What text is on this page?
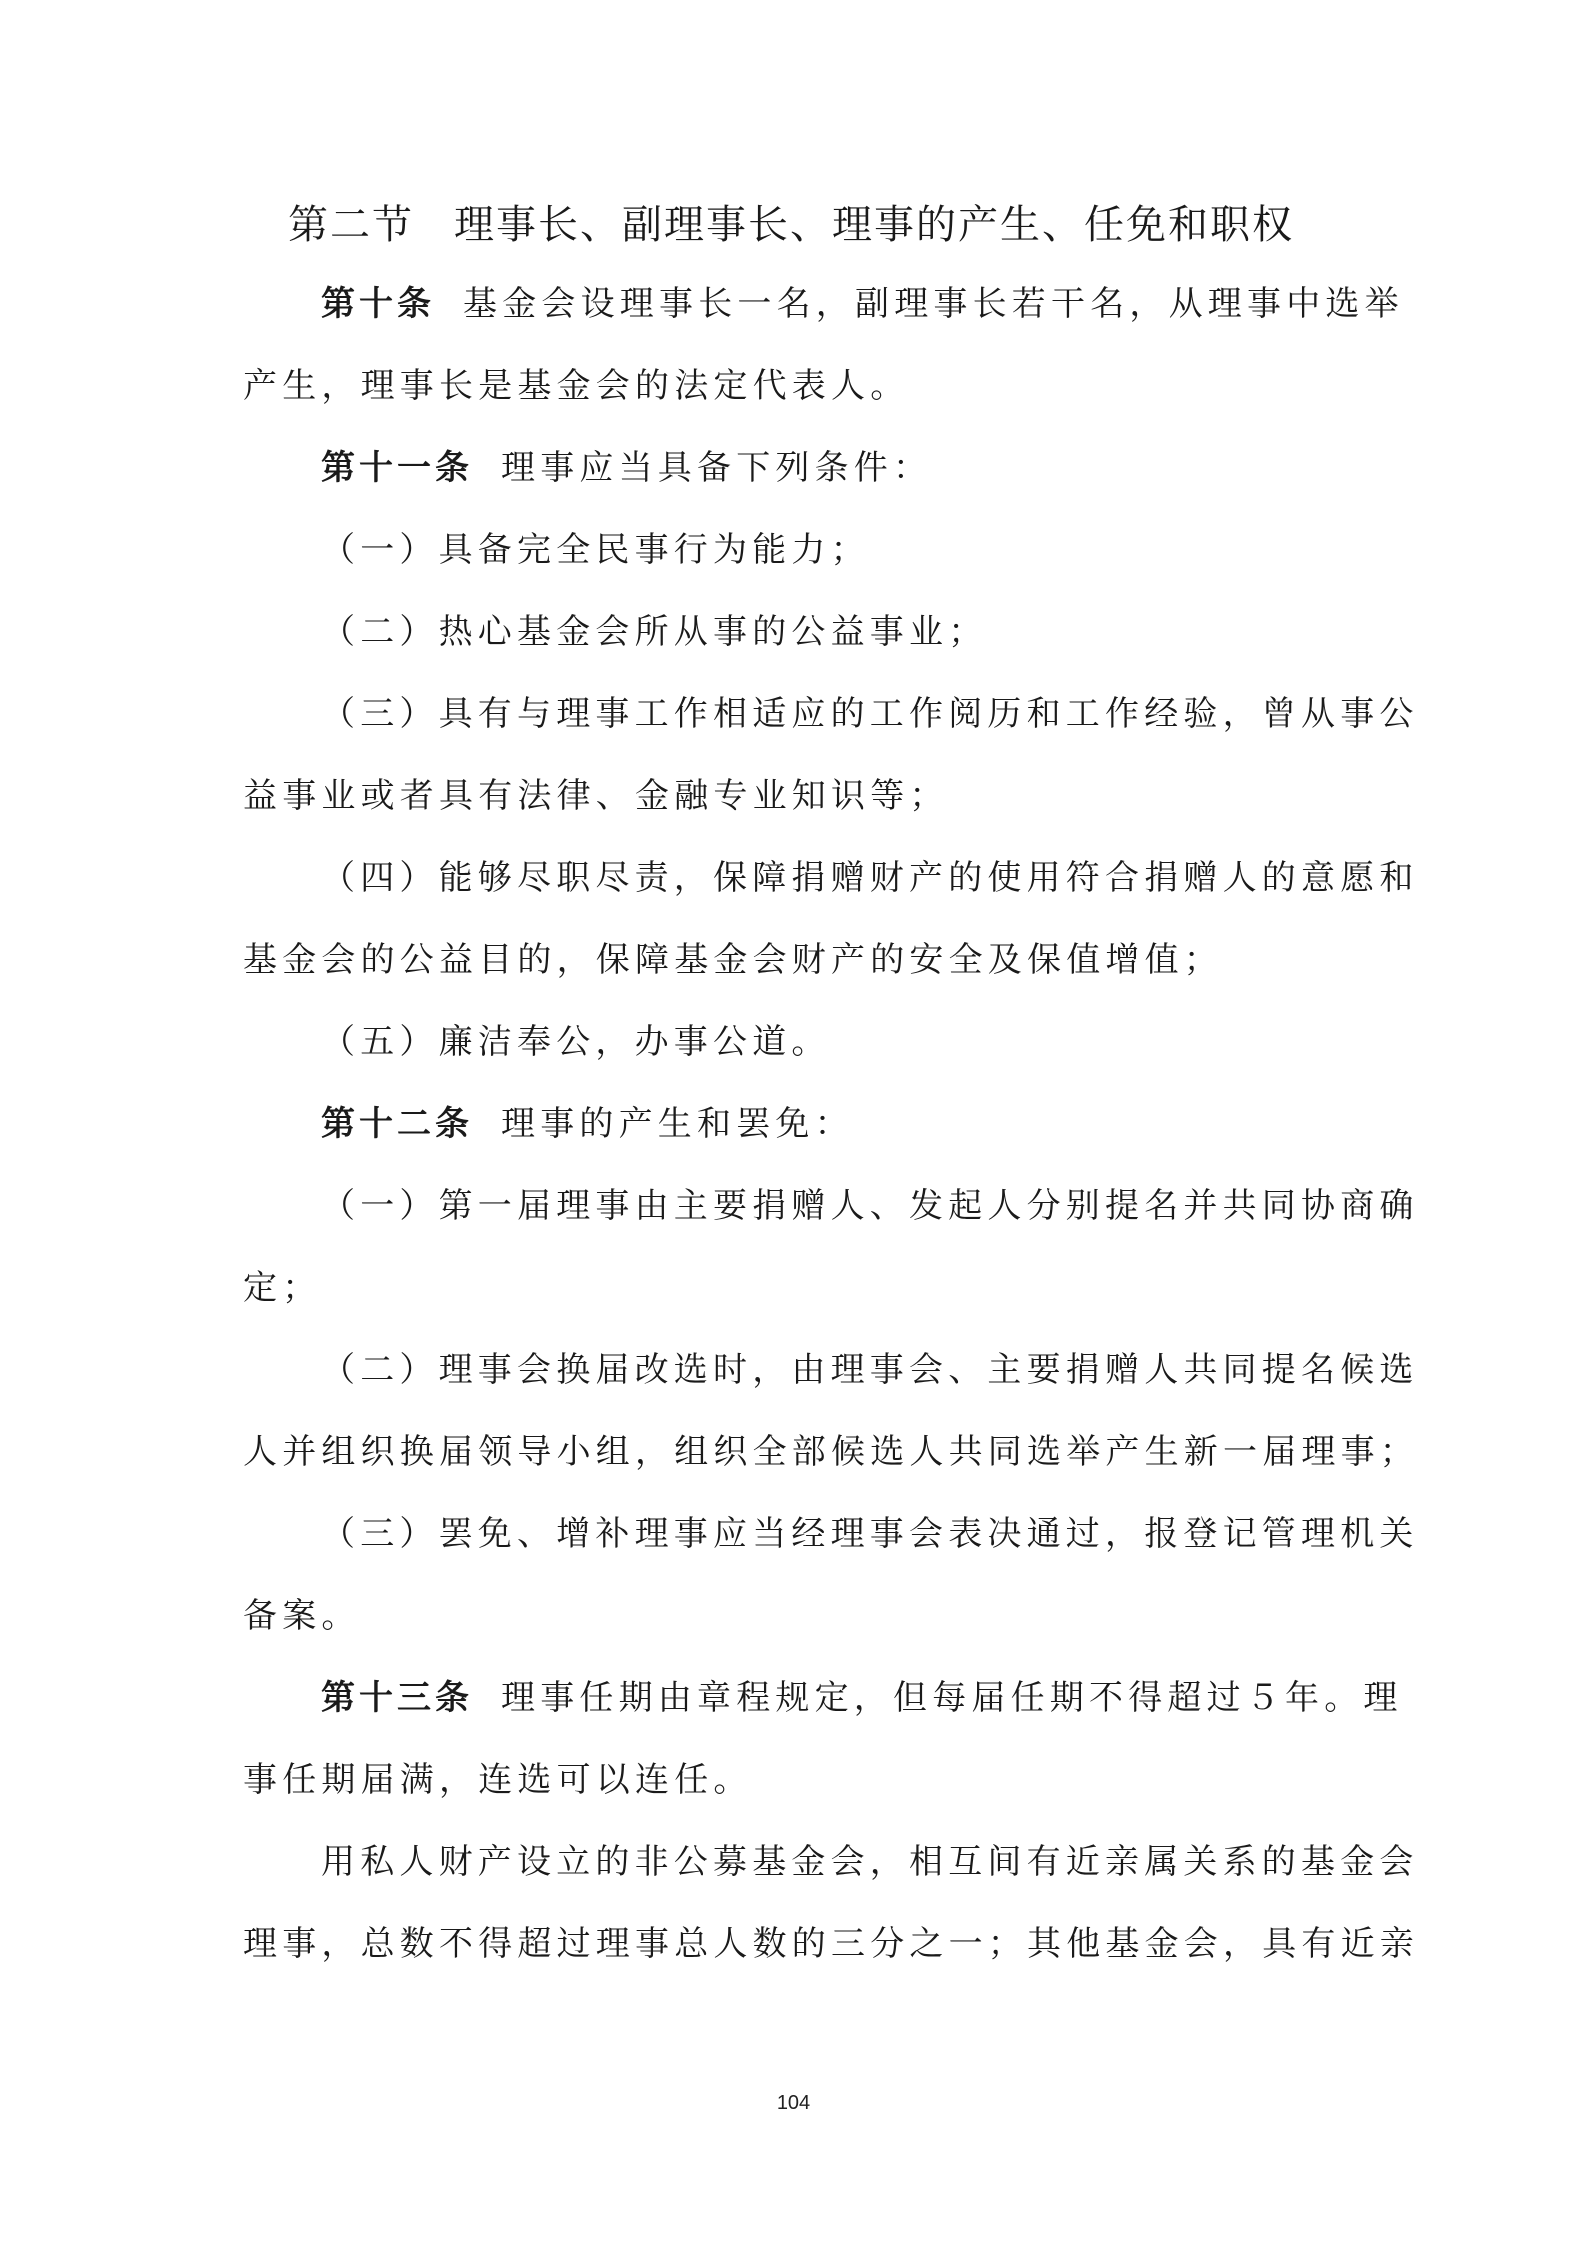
第二节 理事长、副理事长、理事的产生、任免和职权
第十条 基金会设理事长一名，副理事长若干名，从理事中选举
产生，理事长是基金会的法定代表人。
第十一条 理事应当具备下列条件：
（一）具备完全民事行为能力；
（二）热心基金会所从事的公益事业；
（三）具有与理事工作相适应的工作阅历和工作经验，曾从事公
益事业或者具有法律、金融专业知识等；
（四）能够尽职尽责，保障捐赠财产的使用符合捐赠人的意愿和
基金会的公益目的，保障基金会财产的安全及保值增值；
（五）廉洁奉公，办事公道。
第十二条 理事的产生和罢免：
（一）第一届理事由主要捐赠人、发起人分别提名并共同协商确
定；
（二）理事会换届改选时，由理事会、主要捐赠人共同提名候选
人并组织换届领导小组，组织全部候选人共同选举产生新一届理事；
（三）罢免、增补理事应当经理事会表决通过，报登记管理机关
备案。
第十三条 理事任期由章程规定，但每届任期不得超过５年。理
事任期届满，连选可以连任。
用私人财产设立的非公募基金会，相互间有近亲属关系的基金会
理事，总数不得超过理事总人数的三分之一；其他基金会，具有近亲
104
